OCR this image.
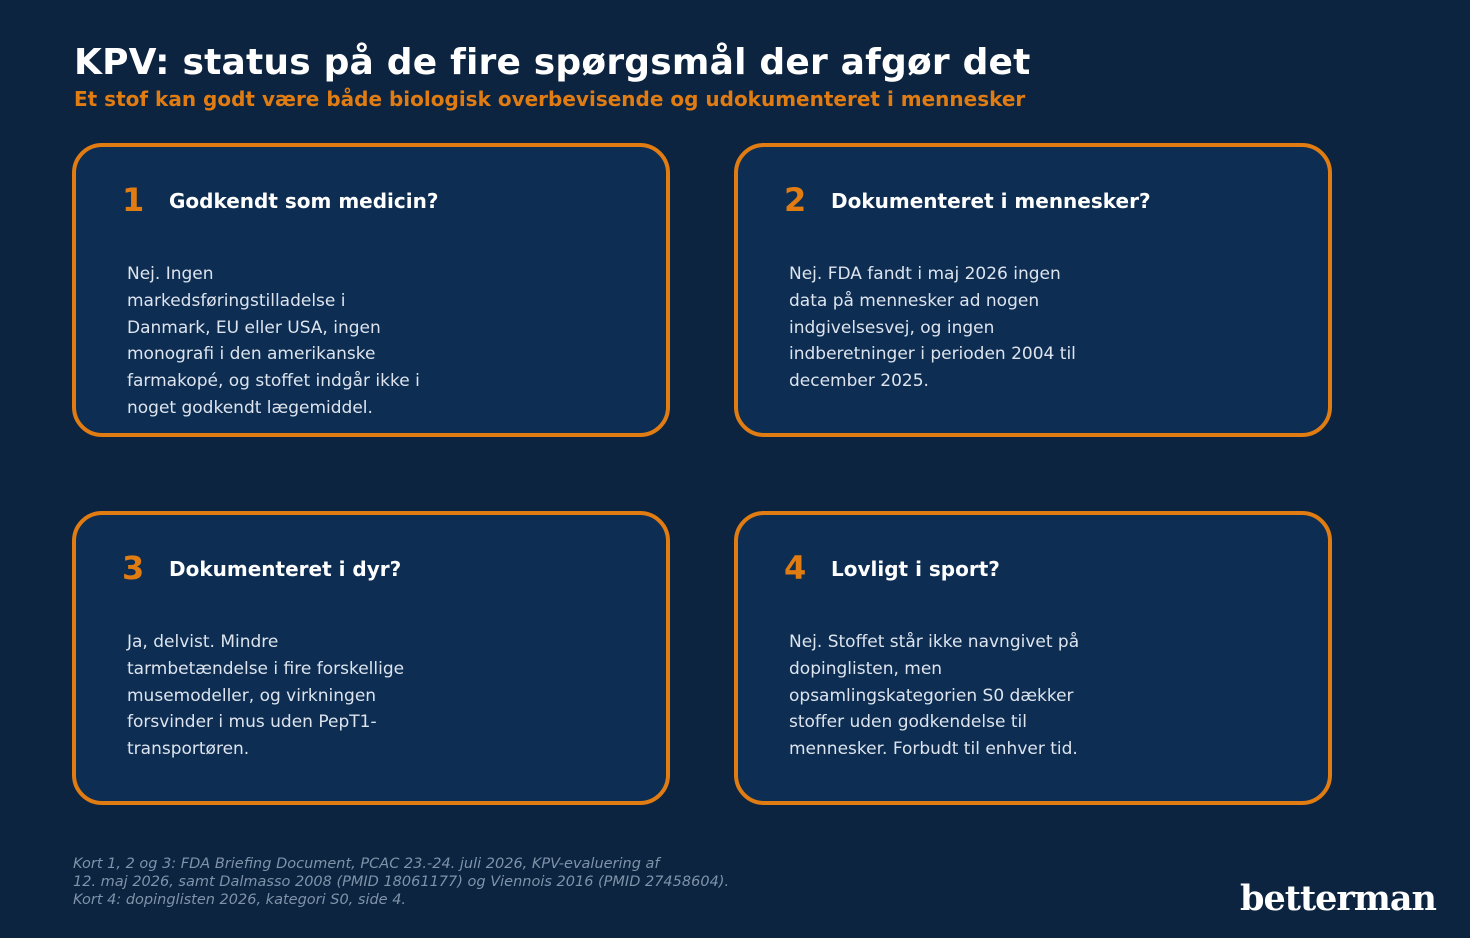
KPV: status på de fire spørgsmål der afgør det
Et stof kan godt være både biologisk overbevisende og udokumenteret i mennesker
1 Godkendt som medicin?
Nej. Ingen markedsføringstilladelse i Danmark, EU eller USA, ingen monografi i den amerikanske farmakopé, og stoffet indgår ikke i noget godkendt lægemiddel.
2 Dokumenteret i mennesker?
Nej. FDA fandt i maj 2026 ingen data på mennesker ad nogen indgivelsesvej, og ingen indberetninger i perioden 2004 til december 2025.
3 Dokumenteret i dyr?
Ja, delvist. Mindre tarmbetændelse i fire forskellige musemodeller, og virkningen forsvinder i mus uden PepT1-transportøren.
4 Lovligt i sport?
Nej. Stoffet står ikke navngivet på dopinglisten, men opsamlingskategorien S0 dækker stoffer uden godkendelse til mennesker. Forbudt til enhver tid.
Kort 1, 2 og 3: FDA Briefing Document, PCAC 23.-24. juli 2026, KPV-evaluering af
12. maj 2026, samt Dalmasso 2008 (PMID 18061177) og Viennois 2016 (PMID 27458604).
Kort 4: dopinglisten 2026, kategori S0, side 4.	betterman
